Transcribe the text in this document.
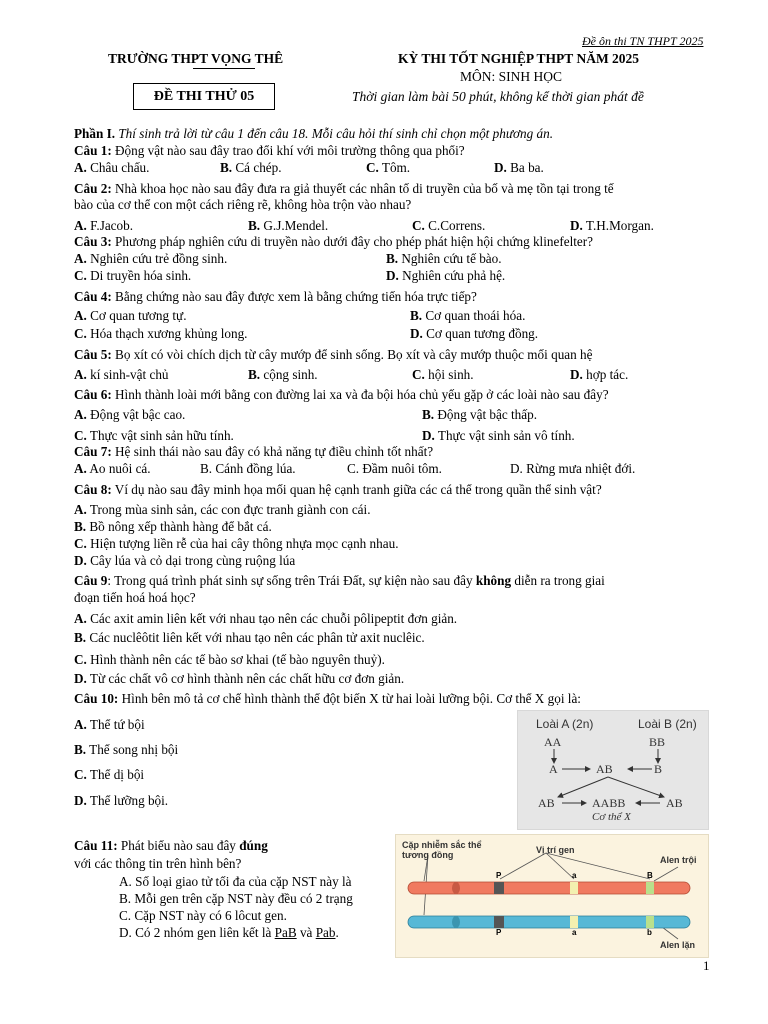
Đề ôn thi TN THPT 2025
TRƯỜNG THPT VỌNG THÊ	KỲ THI TỐT NGHIỆP THPT NĂM 2025
MÔN: SINH HỌC
ĐỀ THI THỬ 05	Thời gian làm bài 50 phút, không kể thời gian phát đề
Phần I. Thí sinh trả lời từ câu 1 đến câu 18. Mỗi câu hỏi thí sinh chỉ chọn một phương án.
Câu 1: Động vật nào sau đây trao đổi khí với môi trường thông qua phổi?
A. Châu chấu.	B. Cá chép.	C. Tôm.	D. Ba ba.
Câu 2: Nhà khoa học nào sau đây đưa ra giả thuyết các nhân tố di truyền của bố và mẹ tồn tại trong tế
bào của cơ thể con một cách riêng rẽ, không hòa trộn vào nhau?
A. F.Jacob.	B. G.J.Mendel.	C. C.Correns.	D. T.H.Morgan.
Câu 3: Phương pháp nghiên cứu di truyền nào dưới đây cho phép phát hiện hội chứng klinefelter?
A. Nghiên cứu trẻ đồng sinh.	B. Nghiên cứu tế bào.
C. Di truyền hóa sinh.	D. Nghiên cứu phả hệ.
Câu 4: Bằng chứng nào sau đây được xem là bằng chứng tiến hóa trực tiếp?
A. Cơ quan tương tự.	B. Cơ quan thoái hóa.
C. Hóa thạch xương khủng long.	D. Cơ quan tương đồng.
Câu 5: Bọ xít có vòi chích dịch từ cây mướp để sinh sống. Bọ xít và cây mướp thuộc mối quan hệ
A. kí sinh-vật chủ	B. cộng sinh.	C. hội sinh.	D. hợp tác.
Câu 6: Hình thành loài mới bằng con đường lai xa và đa bội hóa chủ yếu gặp ở các loài nào sau đây?
A. Động vật bậc cao.	B. Động vật bậc thấp.
C. Thực vật sinh sản hữu tính.	D. Thực vật sinh sản vô tính.
Câu 7: Hệ sinh thái nào sau đây có khả năng tự điều chỉnh tốt nhất?
A. Ao nuôi cá.	B. Cánh đồng lúa.	C. Đầm nuôi tôm.	D. Rừng mưa nhiệt đới.
Câu 8: Ví dụ nào sau đây minh họa mối quan hệ cạnh tranh giữa các cá thể trong quần thể sinh vật?
A. Trong mùa sinh sản, các con đực tranh giành con cái.
B. Bồ nông xếp thành hàng để bắt cá.
C. Hiện tượng liền rễ của hai cây thông nhựa mọc cạnh nhau.
D. Cây lúa và cỏ dại trong cùng ruộng lúa
Câu 9: Trong quá trình phát sinh sự sống trên Trái Đất, sự kiện nào sau đây không diễn ra trong giai
đoạn tiến hoá hoá học?
A. Các axit amin liên kết với nhau tạo nên các chuỗi pôlipeptit đơn giản.
B. Các nuclêôtit liên kết với nhau tạo nên các phân tử axit nuclêic.
C. Hình thành nên các tế bào sơ khai (tế bào nguyên thuỷ).
D. Từ các chất vô cơ hình thành nên các chất hữu cơ đơn giản.
Câu 10: Hình bên mô tả cơ chế hình thành thể đột biến X từ hai loài lưỡng bội. Cơ thể X gọi là:
A. Thể tứ bội
B. Thể song nhị bội
C. Thể dị bội
D. Thể lưỡng bội.
Loài A (2n)	Loài B (2n)
AA	BB
A	AB	B
AB	AABB	AB
Cơ thể X
Câu 11: Phát biểu nào sau đây đúng
với các thông tin trên hình bên?
A. Số loại giao tử tối đa của cặp NST này là
B. Mỗi gen trên cặp NST này đều có 2 trạng
C. Cặp NST này có 6 lôcut gen.
D. Có 2 nhóm gen liên kết là PaB và Pab.
Cặp nhiễm sắc thể tương đồng	Vị trí gen
Alen trội
Alen lặn
P	a	B
P	a	b
1
